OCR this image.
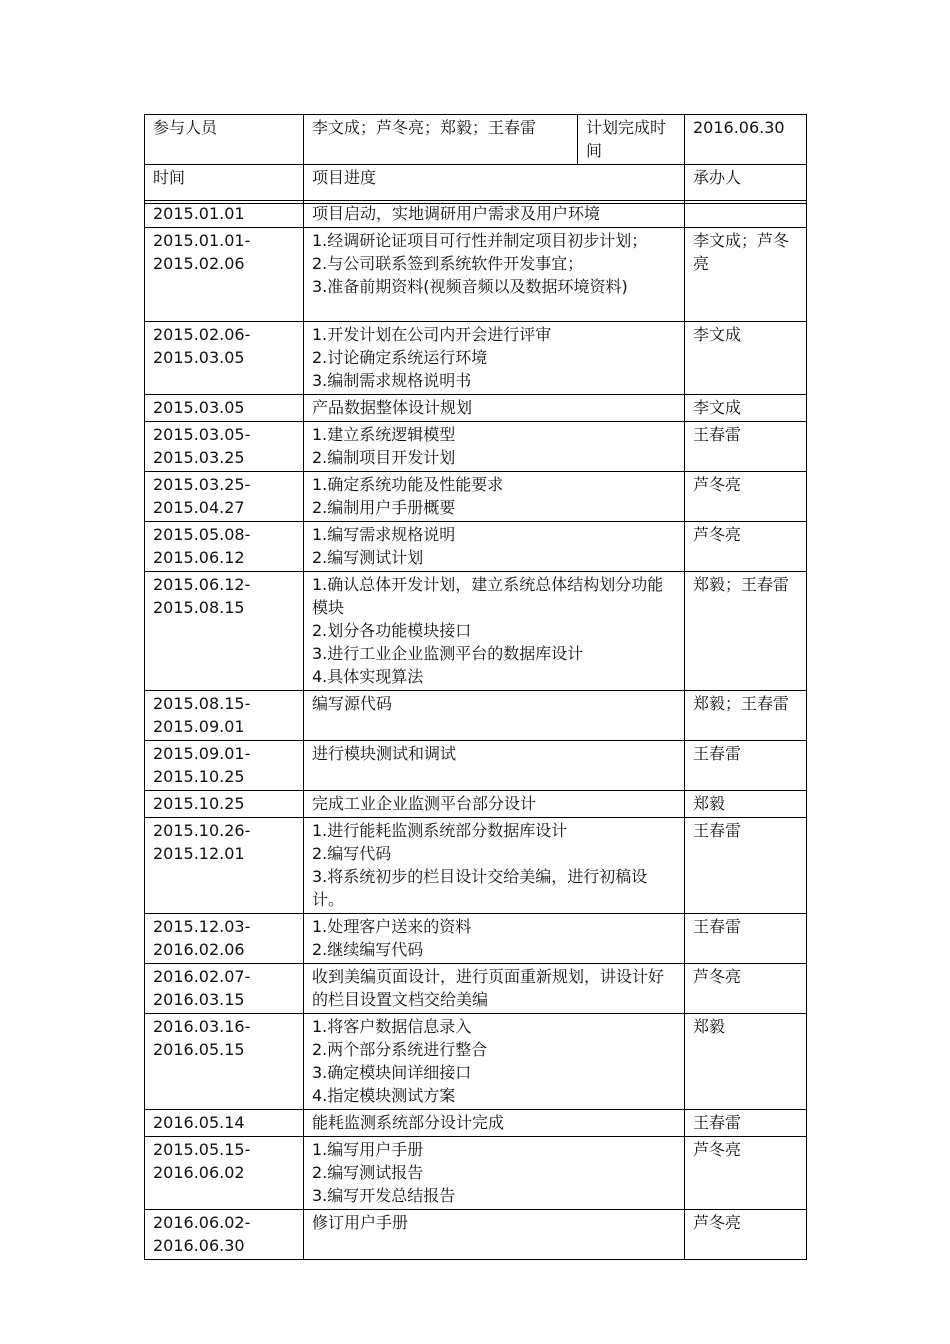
参与人员	李文成；芦冬亮；郑毅；王春雷	计划完成时间	2016.06.30
时间	项目进度		承办人
2015.01.01	项目启动，实地调研用户需求及用户环境	

2015.01.01-
2015.02.06	1.经调研论证项目可行性并制定项目初步计划；
2.与公司联系签到系统软件开发事宜；
3.准备前期资料(视频音频以及数据环境资料)	李文成；芦冬亮

2015.02.06-
2015.03.05	1.开发计划在公司内开会进行评审
2.讨论确定系统运行环境
3.编制需求规格说明书	李文成

2015.03.05	产品数据整体设计规划	李文成

2015.03.05-
2015.03.25	1.建立系统逻辑模型
2.编制项目开发计划	王春雷

2015.03.25-
2015.04.27	1.确定系统功能及性能要求
2.编制用户手册概要	芦冬亮

2015.05.08-
2015.06.12	1.编写需求规格说明
2.编写测试计划	芦冬亮

2015.06.12-
2015.08.15	1.确认总体开发计划，建立系统总体结构划分功能模块
2.划分各功能模块接口
3.进行工业企业监测平台的数据库设计
4.具体实现算法	郑毅；王春雷

2015.08.15-
2015.09.01	编写源代码	郑毅；王春雷

2015.09.01-
2015.10.25	进行模块测试和调试	王春雷

2015.10.25	完成工业企业监测平台部分设计	郑毅

2015.10.26-
2015.12.01	1.进行能耗监测系统部分数据库设计
2.编写代码
3.将系统初步的栏目设计交给美编，进行初稿设计。	王春雷

2015.12.03-
2016.02.06	1.处理客户送来的资料
2.继续编写代码	王春雷

2016.02.07-
2016.03.15	收到美编页面设计，进行页面重新规划，讲设计好的栏目设置文档交给美编	芦冬亮

2016.03.16-
2016.05.15	1.将客户数据信息录入
2.两个部分系统进行整合
3.确定模块间详细接口
4.指定模块测试方案	郑毅

2016.05.14	能耗监测系统部分设计完成	王春雷

2015.05.15-
2016.06.02	1.编写用户手册
2.编写测试报告
3.编写开发总结报告	芦冬亮

2016.06.02-
2016.06.30	修订用户手册	芦冬亮
